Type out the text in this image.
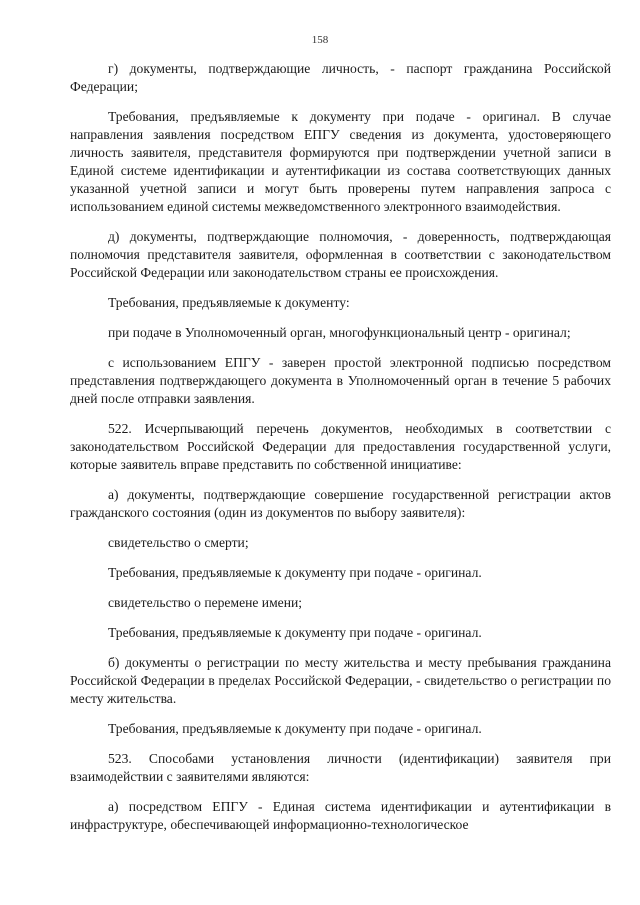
158

г) документы, подтверждающие личность, - паспорт гражданина Российской Федерации;

Требования, предъявляемые к документу при подаче - оригинал. В случае направления заявления посредством ЕПГУ сведения из документа, удостоверяющего личность заявителя, представителя формируются при подтверждении учетной записи в Единой системе идентификации и аутентификации из состава соответствующих данных указанной учетной записи и могут быть проверены путем направления запроса с использованием единой системы межведомственного электронного взаимодействия.

д) документы, подтверждающие полномочия, - доверенность, подтверждающая полномочия представителя заявителя, оформленная в соответствии с законодательством Российской Федерации или законодательством страны ее происхождения.

Требования, предъявляемые к документу:

при подаче в Уполномоченный орган, многофункциональный центр - оригинал;

с использованием ЕПГУ - заверен простой электронной подписью посредством представления подтверждающего документа в Уполномоченный орган в течение 5 рабочих дней после отправки заявления.

522. Исчерпывающий перечень документов, необходимых в соответствии с законодательством Российской Федерации для предоставления государственной услуги, которые заявитель вправе представить по собственной инициативе:

а) документы, подтверждающие совершение государственной регистрации актов гражданского состояния (один из документов по выбору заявителя):

свидетельство о смерти;

Требования, предъявляемые к документу при подаче - оригинал.

свидетельство о перемене имени;

Требования, предъявляемые к документу при подаче - оригинал.

б) документы о регистрации по месту жительства и месту пребывания гражданина Российской Федерации в пределах Российской Федерации, - свидетельство о регистрации по месту жительства.

Требования, предъявляемые к документу при подаче - оригинал.

523. Способами установления личности (идентификации) заявителя при взаимодействии с заявителями являются:

а) посредством ЕПГУ - Единая система идентификации и аутентификации в инфраструктуре, обеспечивающей информационно-технологическое
